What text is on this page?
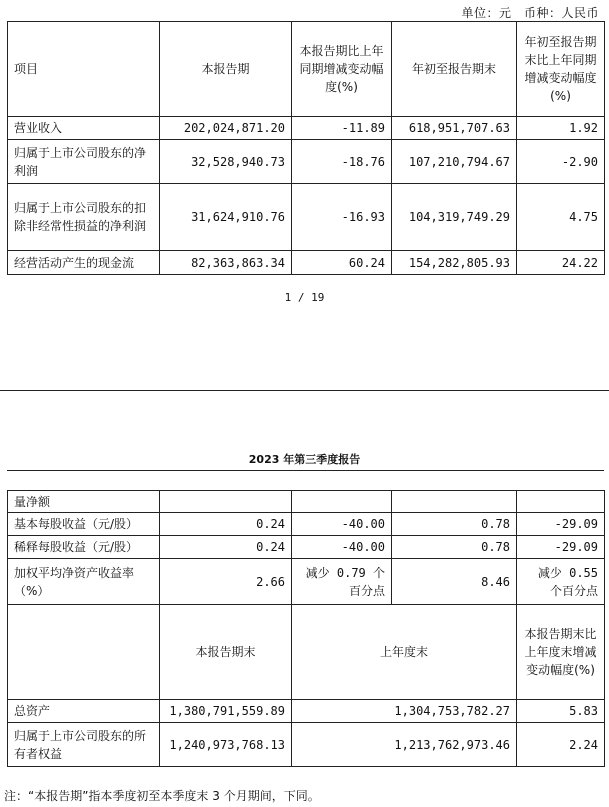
单位：元　币种：人民币
项目	本报告期	本报告期比上年同期增减变动幅度(%)	年初至报告期末	年初至报告期末比上年同期增减变动幅度(%)
营业收入	202,024,871.20	-11.89	618,951,707.63	1.92
归属于上市公司股东的净利润	32,528,940.73	-18.76	107,210,794.67	-2.90
归属于上市公司股东的扣除非经常性损益的净利润	31,624,910.76	-16.93	104,319,749.29	4.75
经营活动产生的现金流	82,363,863.34	60.24	154,282,805.93	24.22
1 / 19
2023 年第三季度报告
量净额				
基本每股收益（元/股）	0.24	-40.00	0.78	-29.09
稀释每股收益（元/股）	0.24	-40.00	0.78	-29.09
加权平均净资产收益率（%）	2.66	减少 0.79 个百分点	8.46	减少 0.55 个百分点
	本报告期末	上年度末		本报告期末比上年度末增减变动幅度(%)
总资产	1,380,791,559.89	1,304,753,782.27		5.83
归属于上市公司股东的所有者权益	1,240,973,768.13	1,213,762,973.46		2.24
注：“本报告期”指本季度初至本季度末 3 个月期间，下同。
